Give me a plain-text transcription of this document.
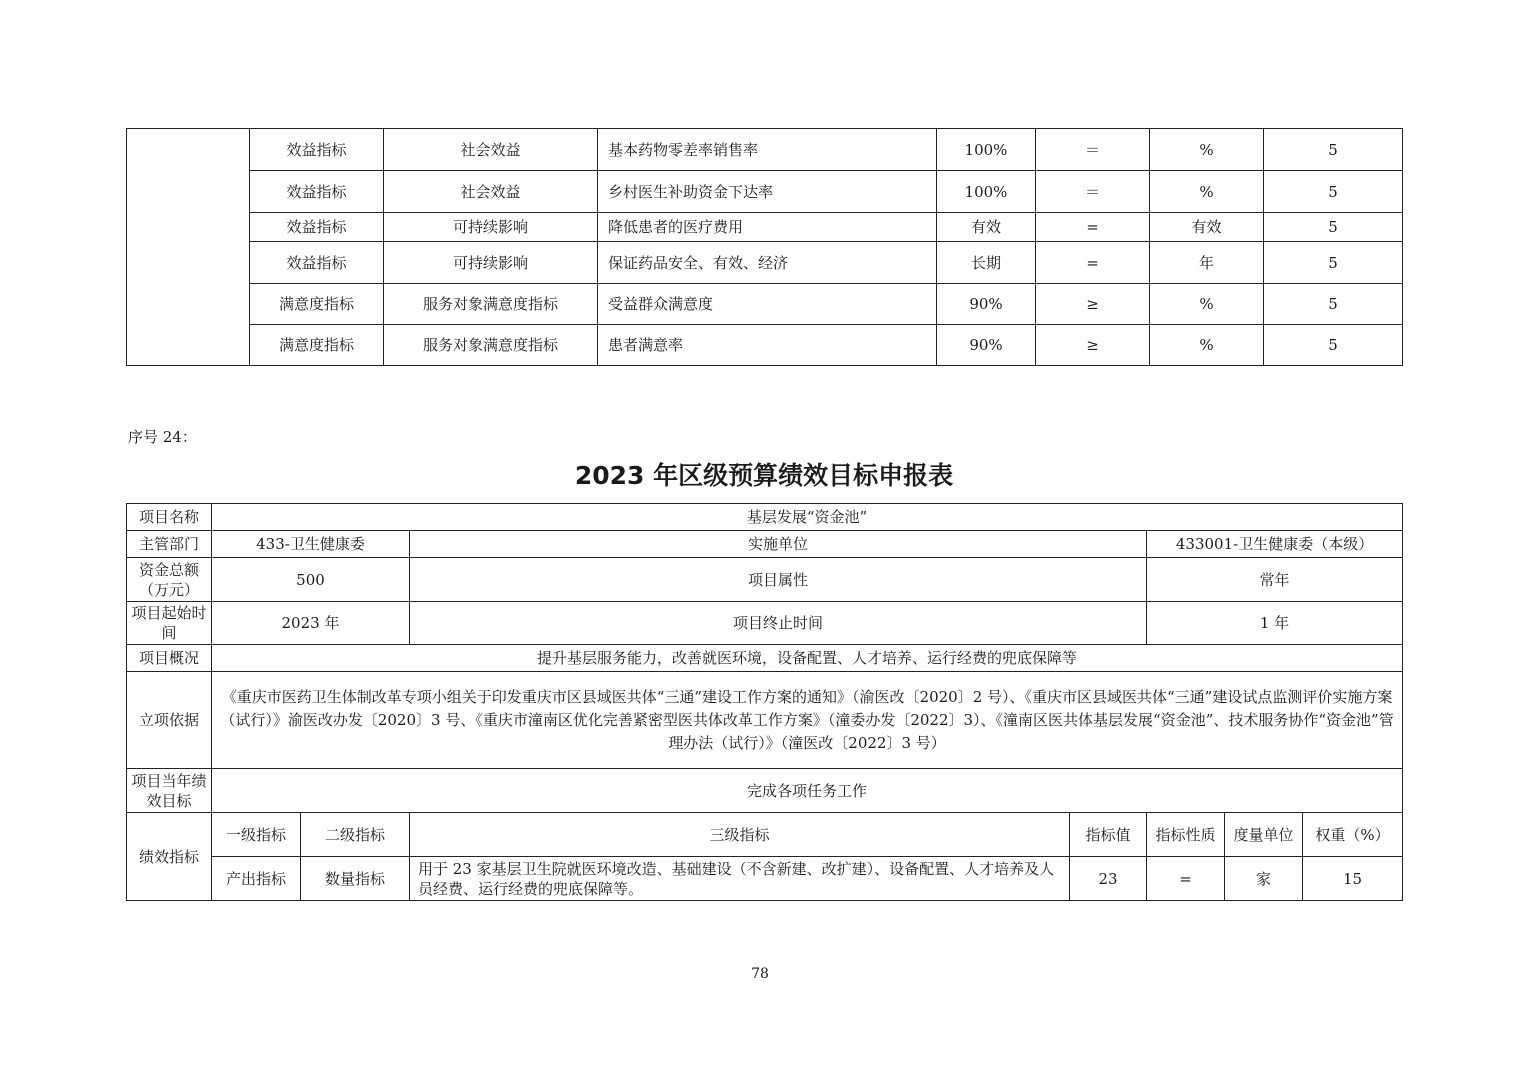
	效益指标	社会效益	基本药物零差率销售率	100%	＝	%	5
	效益指标	社会效益	乡村医生补助资金下达率	100%	＝	%	5
	效益指标	可持续影响	降低患者的医疗费用	有效	=	有效	5
	效益指标	可持续影响	保证药品安全、有效、经济	长期	=	年	5
	满意度指标	服务对象满意度指标	受益群众满意度	90%	≥	%	5
	满意度指标	服务对象满意度指标	患者满意率	90%	≥	%	5
序号 24：
2023 年区级预算绩效目标申报表
项目名称	基层发展“资金池”						
主管部门	433-卫生健康委		实施单位		433001-卫生健康委（本级）		
资金总额（万元）	500		项目属性		常年		
项目起始时间	2023 年		项目终止时间		1 年		
项目概况	提升基层服务能力，改善就医环境，设备配置、人才培养、运行经费的兜底保障等						
立项依据	《重庆市医药卫生体制改革专项小组关于印发重庆市区县域医共体“三通”建设工作方案的通知》（渝医改〔2020〕2 号）、《重庆市区县域医共体“三通”建设试点监测评价实施方案（试行）》渝医改办发〔2020〕3 号、《重庆市潼南区优化完善紧密型医共体改革工作方案》（潼委办发〔2022〕3）、《潼南区医共体基层发展“资金池”、技术服务协作“资金池”管理办法（试行）》（潼医改〔2022〕3 号）						
项目当年绩效目标	完成各项任务工作						
绩效指标	一级指标	二级指标	三级指标	指标值	指标性质	度量单位	权重（%）
	产出指标	数量指标	用于 23 家基层卫生院就医环境改造、基础建设（不含新建、改扩建）、设备配置、人才培养及人员经费、运行经费的兜底保障等。	23	=	家	15
78
